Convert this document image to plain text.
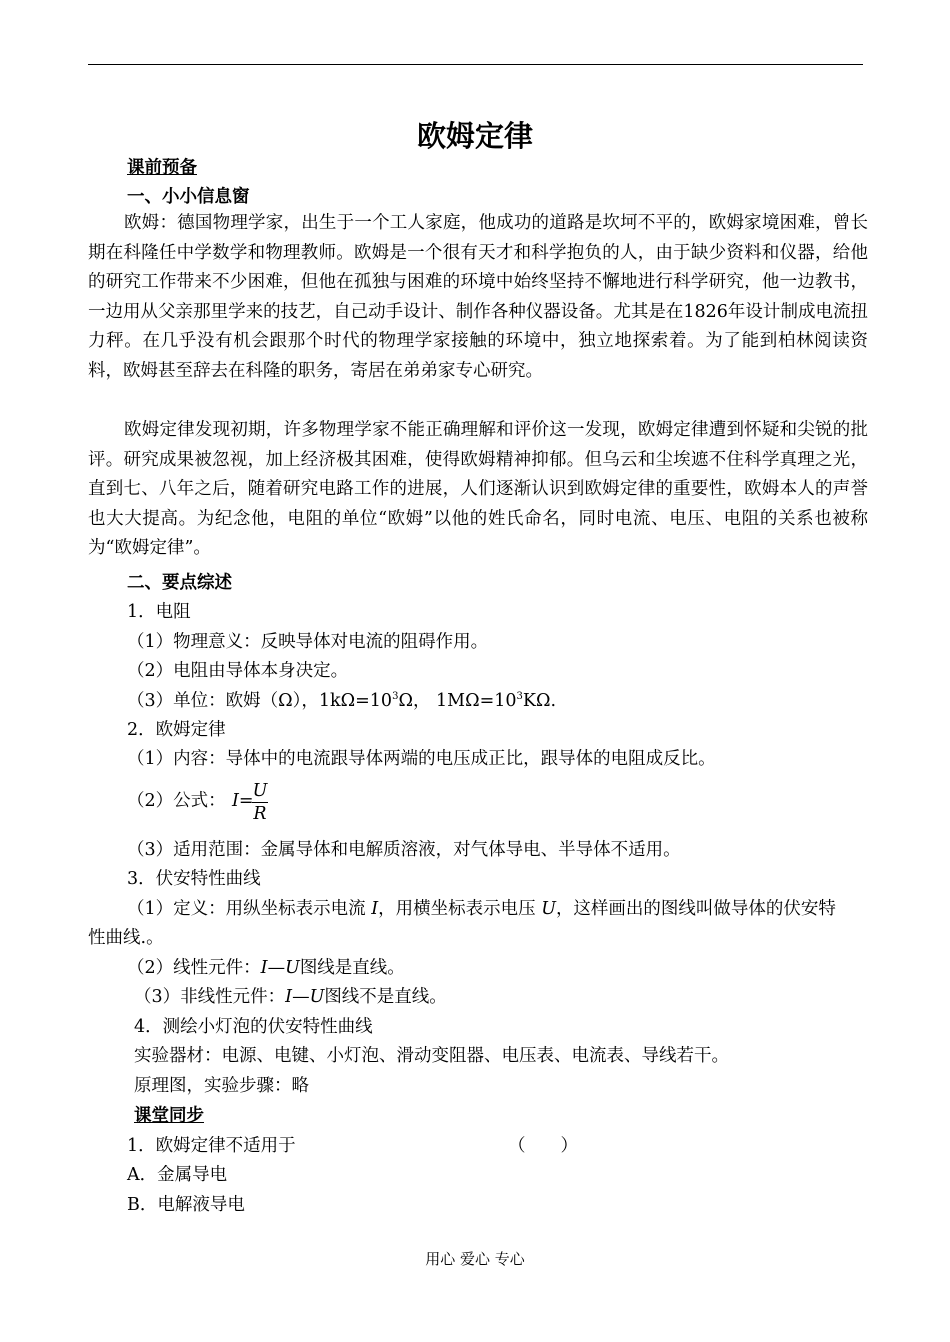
欧姆定律
课前预备
一、小小信息窗

欧姆：德国物理学家，出生于一个工人家庭，他成功的道路是坎坷不平的，欧姆家境困难，曾长期在科隆任中学数学和物理教师。欧姆是一个很有天才和科学抱负的人，由于缺少资料和仪器，给他的研究工作带来不少困难，但他在孤独与困难的环境中始终坚持不懈地进行科学研究，他一边教书，一边用从父亲那里学来的技艺，自己动手设计、制作各种仪器设备。尤其是在1826年设计制成电流扭力秤。在几乎没有机会跟那个时代的物理学家接触的环境中，独立地探索着。为了能到柏林阅读资料，欧姆甚至辞去在科隆的职务，寄居在弟弟家专心研究。

欧姆定律发现初期，许多物理学家不能正确理解和评价这一发现，欧姆定律遭到怀疑和尖锐的批评。研究成果被忽视，加上经济极其困难，使得欧姆精神抑郁。但乌云和尘埃遮不住科学真理之光，直到七、八年之后，随着研究电路工作的进展，人们逐渐认识到欧姆定律的重要性，欧姆本人的声誉也大大提高。为纪念他，电阻的单位“欧姆”以他的姓氏命名，同时电流、电压、电阻的关系也被称为“欧姆定律”。

二、要点综述
1．电阻
（1）物理意义：反映导体对电流的阻碍作用。
（2）电阻由导体本身决定。
（3）单位：欧姆（Ω），$1k\Omega=10^3\Omega$， $1M\Omega=10^3K\Omega$.
2．欧姆定律
（1）内容：导体中的电流跟导体两端的电压成正比，跟导体的电阻成反比。
（2）公式： I= U
R
（3）适用范围：金属导体和电解质溶液，对气体导电、半导体不适用。
3．伏安特性曲线
（1）定义：用纵坐标表示电流 I，用横坐标表示电压 U，这样画出的图线叫做导体的伏安特
性曲线.。
（2）线性元件：I—U图线是直线。
（3）非线性元件：I—U图线不是直线。
4．测绘小灯泡的伏安特性曲线
实验器材：电源、电键、小灯泡、滑动变阻器、电压表、电流表、导线若干。
原理图，实验步骤：略
课堂同步
1．欧姆定律不适用于	（　　）
A．金属导电
B．电解液导电
用心 爱心 专心
